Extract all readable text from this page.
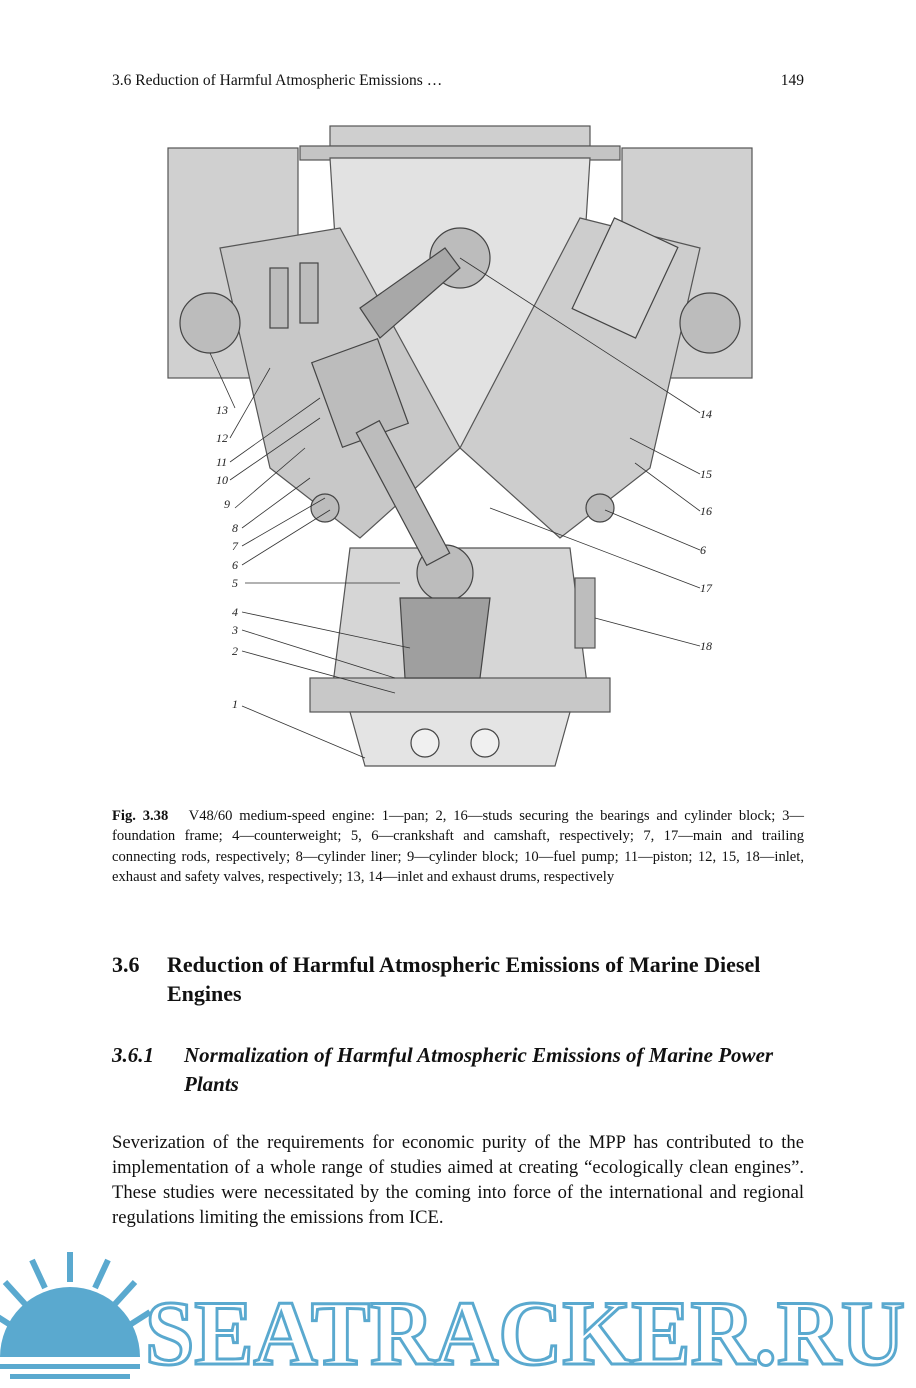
3.6 Reduction of Harmful Atmospheric Emissions …	149
1
2
3
4
5
6
7
8
9
10
11
12
13	14
15
16
17
6
18
Fig. 3.38 V48/60 medium-speed engine: 1—pan; 2, 16—studs securing the bearings and cylinder block; 3—foundation frame; 4—counterweight; 5, 6—crankshaft and camshaft, respectively; 7, 17—main and trailing connecting rods, respectively; 8—cylinder liner; 9—cylinder block; 10—fuel pump; 11—piston; 12, 15, 18—inlet, exhaust and safety valves, respectively; 13, 14—inlet and exhaust drums, respectively
3.6 Reduction of Harmful Atmospheric Emissions of Marine Diesel Engines
3.6.1 Normalization of Harmful Atmospheric Emissions of Marine Power Plants
Severization of the requirements for economic purity of the MPP has contributed to the implementation of a whole range of studies aimed at creating “ecologically clean engines”. These studies were necessitated by the coming into force of the international and regional regulations limiting the emissions from ICE.
SEATRACKER.RU
